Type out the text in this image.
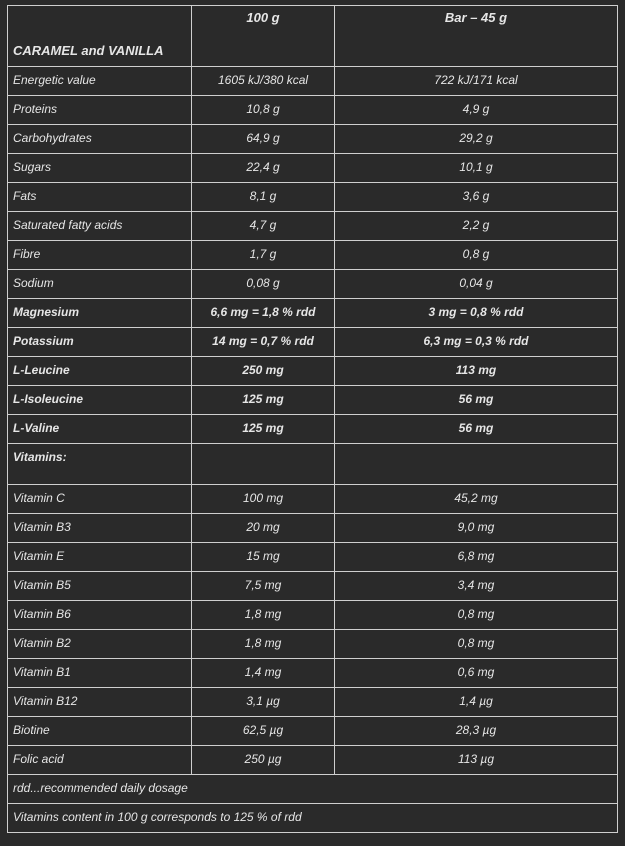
CARAMEL and VANILLA	100 g	Bar – 45 g
Energetic value	1605 kJ/380 kcal	722 kJ/171 kcal
Proteins	10,8 g	4,9 g
Carbohydrates	64,9 g	29,2 g
Sugars	22,4 g	10,1 g
Fats	8,1 g	3,6 g
Saturated fatty acids	4,7 g	2,2 g
Fibre	1,7 g	0,8 g
Sodium	0,08 g	0,04 g
Magnesium	6,6 mg = 1,8 % rdd	3 mg = 0,8 % rdd
Potassium	14 mg = 0,7 % rdd	6,3 mg = 0,3 % rdd
L-Leucine	250 mg	113 mg
L-Isoleucine	125 mg	56 mg
L-Valine	125 mg	56 mg
Vitamins:		
Vitamin C	100 mg	45,2 mg
Vitamin B3	20 mg	9,0 mg
Vitamin E	15 mg	6,8 mg
Vitamin B5	7,5 mg	3,4 mg
Vitamin B6	1,8 mg	0,8 mg
Vitamin B2	1,8 mg	0,8 mg
Vitamin B1	1,4 mg	0,6 mg
Vitamin B12	3,1 µg	1,4 µg
Biotine	62,5 µg	28,3 µg
Folic acid	250 µg	113 µg
rdd...recommended daily dosage		
Vitamins content in 100 g corresponds to 125 % of rdd		
